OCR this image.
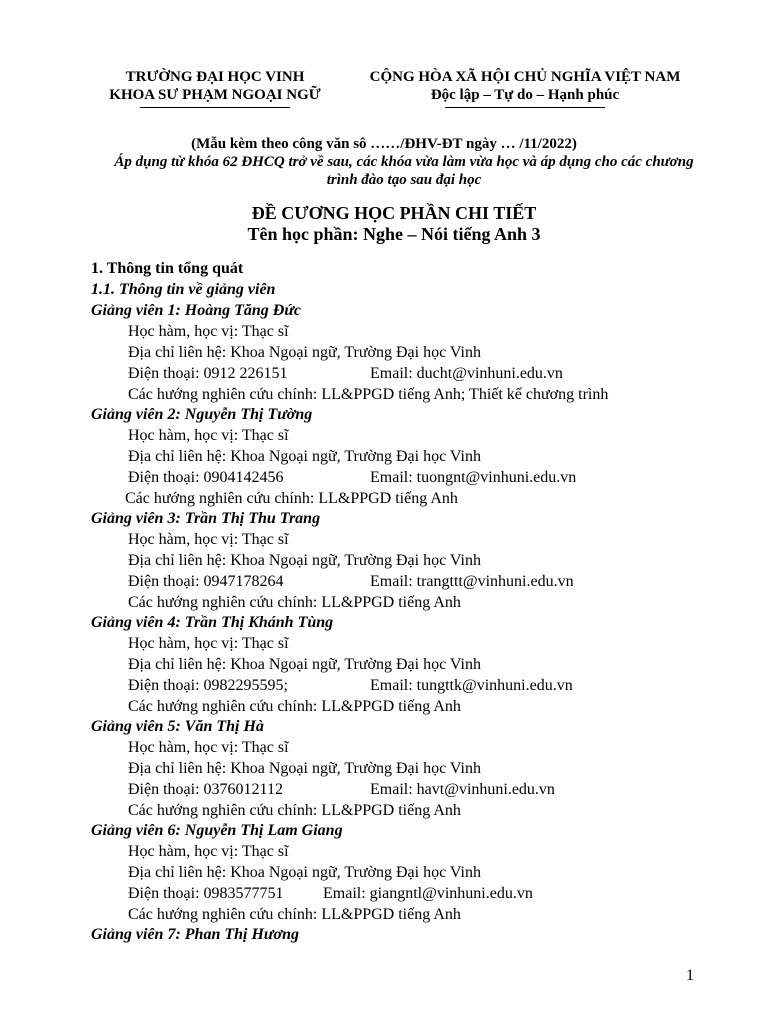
TRƯỜNG ĐẠI HỌC VINH
KHOA SƯ PHẠM NGOẠI NGỮ
CỘNG HÒA XÃ HỘI CHỦ NGHĨA VIỆT NAM
Độc lập – Tự do – Hạnh phúc
(Mẫu kèm theo công văn sô ……/ĐHV-ĐT ngày … /11/2022)
Áp dụng từ khóa 62 ĐHCQ trở về sau, các khóa vừa làm vừa học và áp dụng cho các chương
trình đào tạo sau đại học
ĐỀ CƯƠNG HỌC PHẦN CHI TIẾT
Tên học phần: Nghe – Nói tiếng Anh 3
1. Thông tin tổng quát
1.1. Thông tin về giảng viên
Giảng viên 1: Hoàng Tăng Đức
Học hàm, học vị: Thạc sĩ
Địa chỉ liên hệ: Khoa Ngoại ngữ, Trường Đại học Vinh
Điện thoại: 0912 226151	Email: ducht@vinhuni.edu.vn
Các hướng nghiên cứu chính: LL&PPGD tiếng Anh; Thiết kế chương trình
Giảng viên 2: Nguyễn Thị Tường
Học hàm, học vị: Thạc sĩ
Địa chỉ liên hệ: Khoa Ngoại ngữ, Trường Đại học Vinh
Điện thoại: 0904142456	Email: tuongnt@vinhuni.edu.vn
Các hướng nghiên cứu chính: LL&PPGD tiếng Anh
Giảng viên 3: Trần Thị Thu Trang
Học hàm, học vị: Thạc sĩ
Địa chỉ liên hệ: Khoa Ngoại ngữ, Trường Đại học Vinh
Điện thoại: 0947178264	Email: trangttt@vinhuni.edu.vn
Các hướng nghiên cứu chính: LL&PPGD tiếng Anh
Giảng viên 4: Trần Thị Khánh Tùng
Học hàm, học vị: Thạc sĩ
Địa chỉ liên hệ: Khoa Ngoại ngữ, Trường Đại học Vinh
Điện thoại: 0982295595;	Email: tungttk@vinhuni.edu.vn
Các hướng nghiên cứu chính: LL&PPGD tiếng Anh
Giảng viên 5: Văn Thị Hà
Học hàm, học vị: Thạc sĩ
Địa chỉ liên hệ: Khoa Ngoại ngữ, Trường Đại học Vinh
Điện thoại: 0376012112	Email: havt@vinhuni.edu.vn
Các hướng nghiên cứu chính: LL&PPGD tiếng Anh
Giảng viên 6: Nguyễn Thị Lam Giang
Học hàm, học vị: Thạc sĩ
Địa chỉ liên hệ: Khoa Ngoại ngữ, Trường Đại học Vinh
Điện thoại: 0983577751 Email: giangntl@vinhuni.edu.vn
Các hướng nghiên cứu chính: LL&PPGD tiếng Anh
Giảng viên 7: Phan Thị Hương
1
